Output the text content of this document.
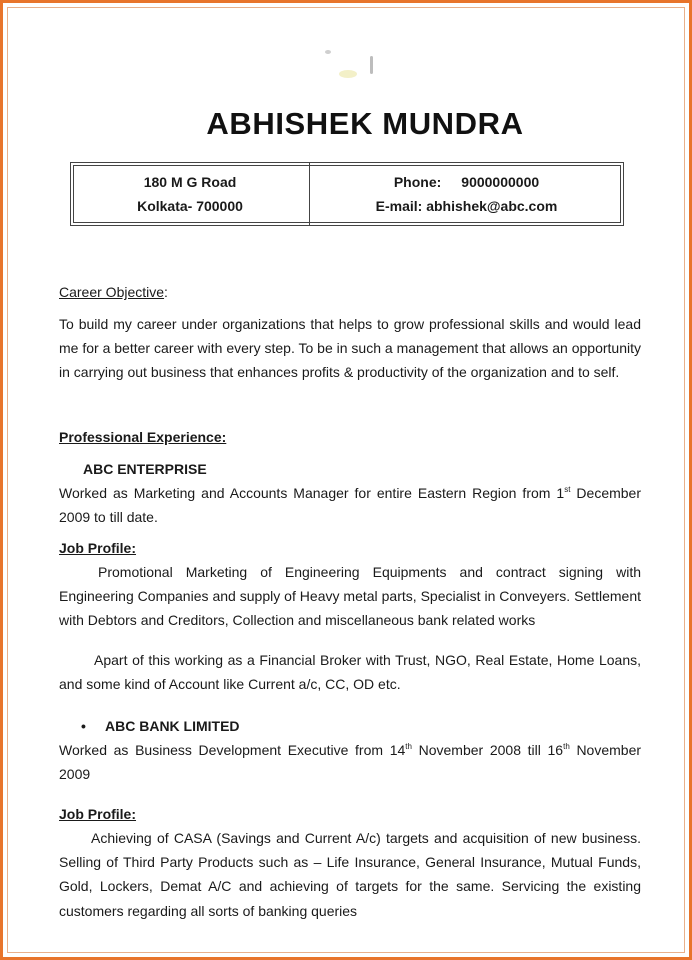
ABHISHEK MUNDRA
180 M G Road
Kolkata- 700000
Phone: 9000000000
E-mail: abhishek@abc.com
Career Objective:
To build my career under organizations that helps to grow professional skills and would lead me for a better career with every step. To be in such a management that allows an opportunity in carrying out business that enhances profits & productivity of the organization and to self.
Professional Experience:
ABC ENTERPRISE
Worked as Marketing and Accounts Manager for entire Eastern Region from 1st December 2009 to till date.
Job Profile:
Promotional Marketing of Engineering Equipments and contract signing with Engineering Companies and supply of Heavy metal parts, Specialist in Conveyers. Settlement with Debtors and Creditors, Collection and miscellaneous bank related works
Apart of this working as a Financial Broker with Trust, NGO, Real Estate, Home Loans, and some kind of Account like Current a/c, CC, OD etc.
• ABC BANK LIMITED
Worked as Business Development Executive from 14th November 2008 till 16th November 2009
Job Profile:
Achieving of CASA (Savings and Current A/c) targets and acquisition of new business. Selling of Third Party Products such as – Life Insurance, General Insurance, Mutual Funds, Gold, Lockers, Demat A/C and achieving of targets for the same. Servicing the existing customers regarding all sorts of banking queries
